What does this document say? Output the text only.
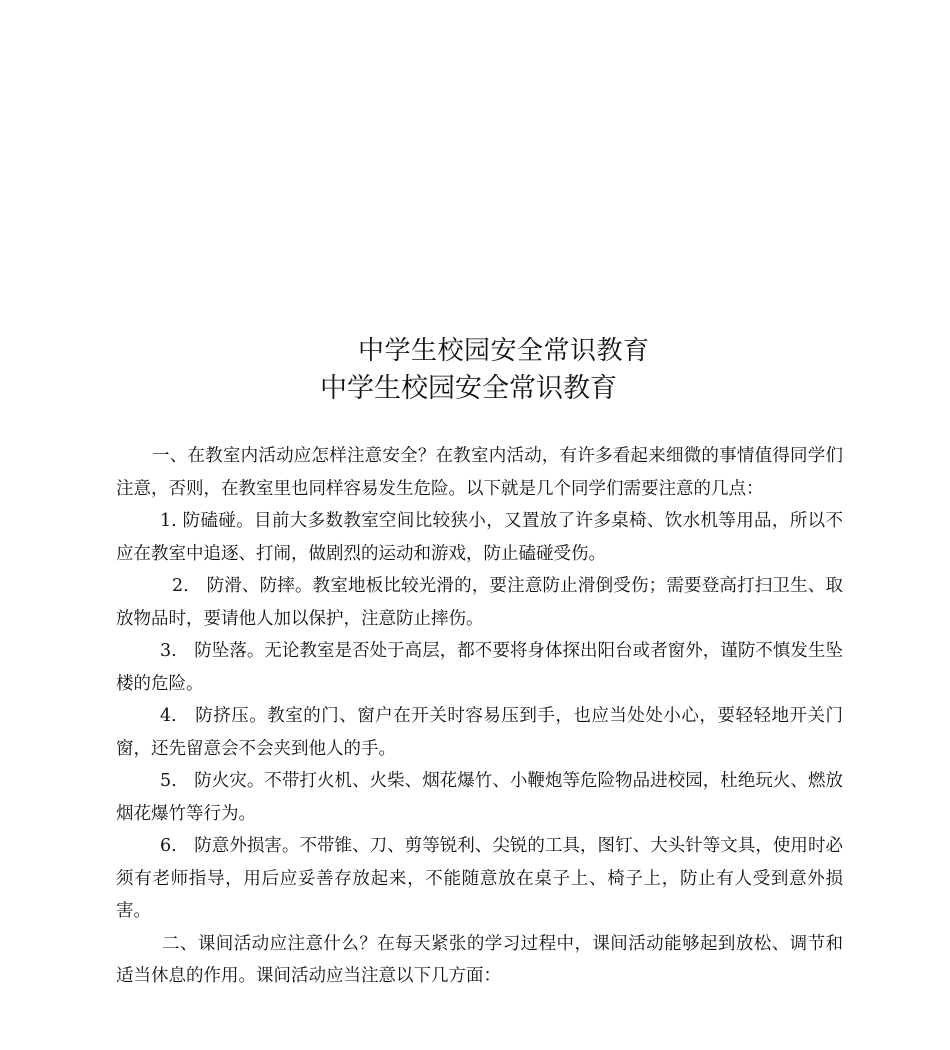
中学生校园安全常识教育
中学生校园安全常识教育

一、在教室内活动应怎样注意安全？在教室内活动，有许多看起来细微的事情值得同学们注意，否则，在教室里也同样容易发生危险。以下就是几个同学们需要注意的几点：

1. 防磕碰。目前大多数教室空间比较狭小，又置放了许多桌椅、饮水机等用品，所以不应在教室中追逐、打闹，做剧烈的运动和游戏，防止磕碰受伤。

2.　防滑、防摔。教室地板比较光滑的，要注意防止滑倒受伤；需要登高打扫卫生、取放物品时，要请他人加以保护，注意防止摔伤。

3.　防坠落。无论教室是否处于高层，都不要将身体探出阳台或者窗外，谨防不慎发生坠楼的危险。

4.　防挤压。教室的门、窗户在开关时容易压到手，也应当处处小心，要轻轻地开关门窗，还先留意会不会夹到他人的手。

5.　防火灾。不带打火机、火柴、烟花爆竹、小鞭炮等危险物品进校园，杜绝玩火、燃放烟花爆竹等行为。

6.　防意外损害。不带锥、刀、剪等锐利、尖锐的工具，图钉、大头针等文具，使用时必须有老师指导，用后应妥善存放起来，不能随意放在桌子上、椅子上，防止有人受到意外损害。

二、课间活动应注意什么？在每天紧张的学习过程中，课间活动能够起到放松、调节和适当休息的作用。课间活动应当注意以下几方面：
